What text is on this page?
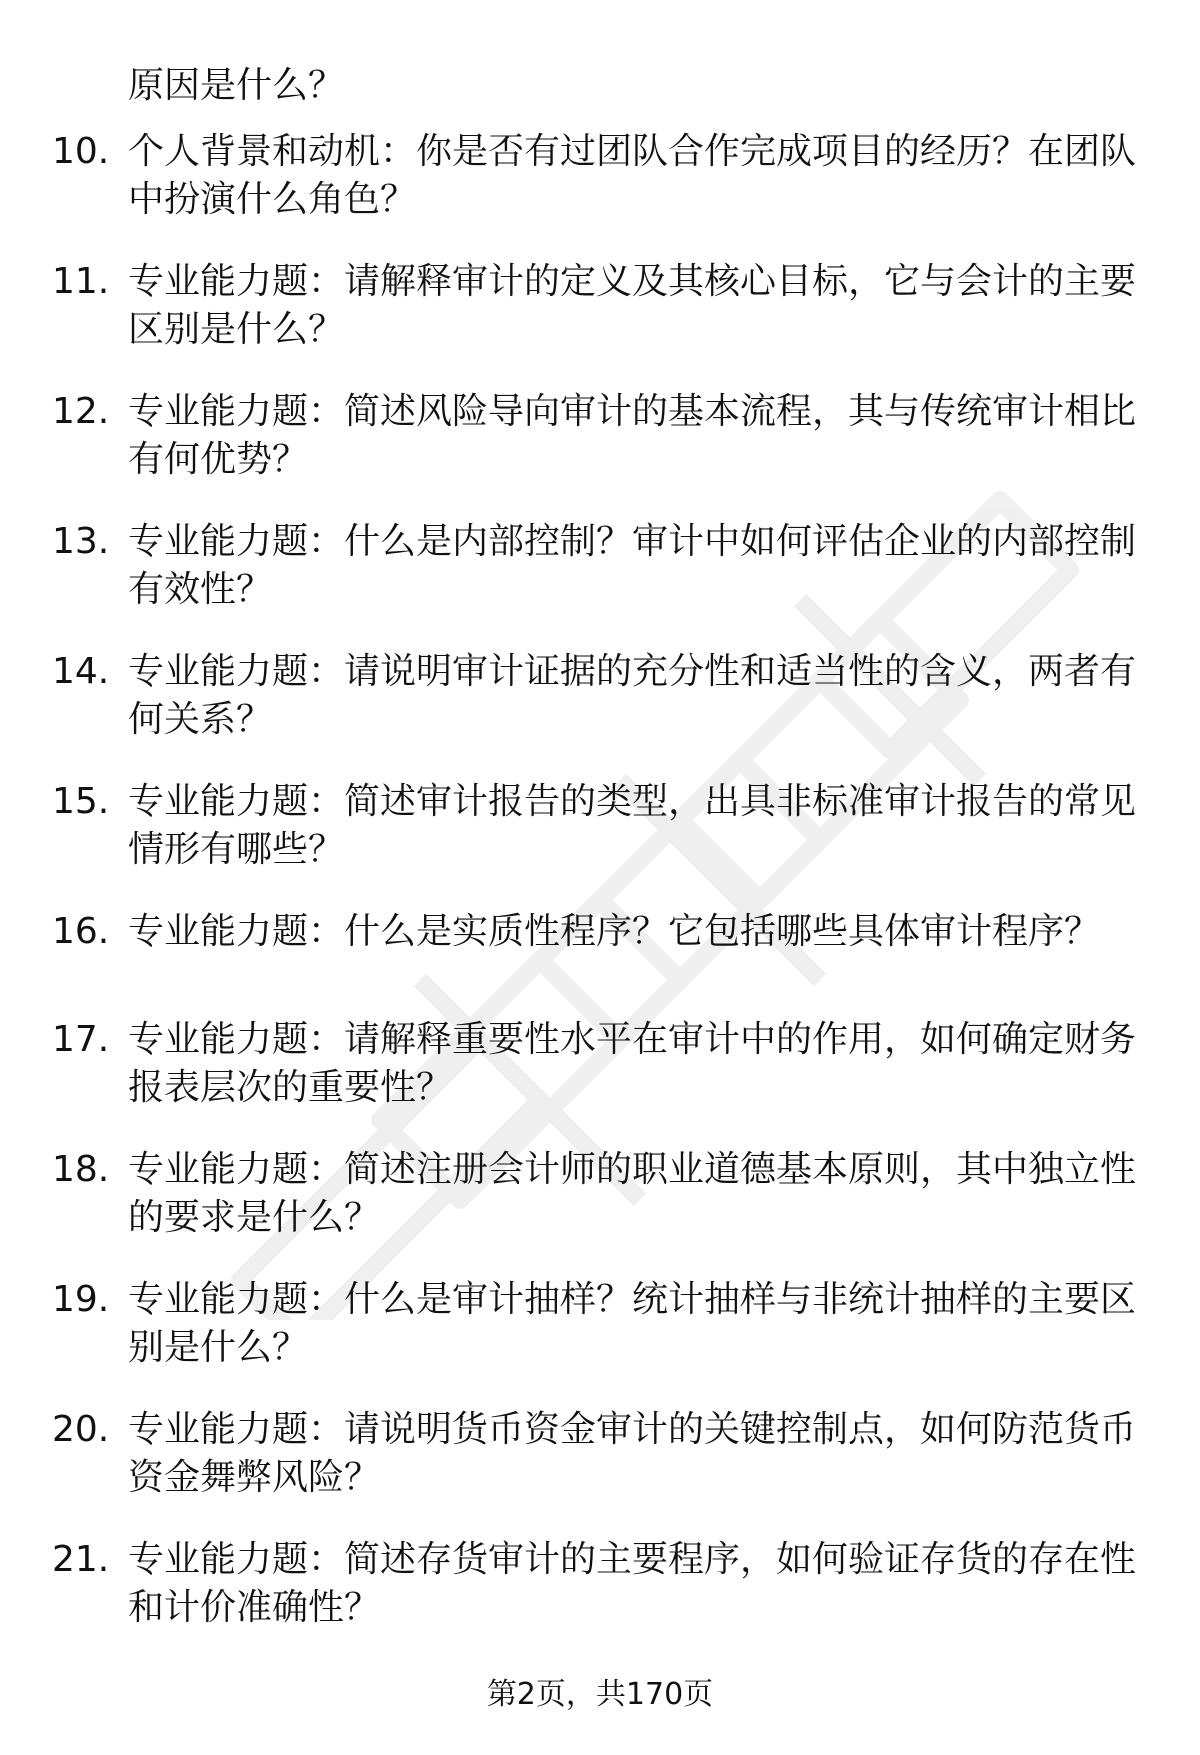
原因是什么？
10. 个人背景和动机：你是否有过团队合作完成项目的经历？在团队中扮演什么角色？
11. 专业能力题：请解释审计的定义及其核心目标，它与会计的主要区别是什么？
12. 专业能力题：简述风险导向审计的基本流程，其与传统审计相比有何优势？
13. 专业能力题：什么是内部控制？审计中如何评估企业的内部控制有效性？
14. 专业能力题：请说明审计证据的充分性和适当性的含义，两者有何关系？
15. 专业能力题：简述审计报告的类型，出具非标准审计报告的常见情形有哪些？
16. 专业能力题：什么是实质性程序？它包括哪些具体审计程序？
17. 专业能力题：请解释重要性水平在审计中的作用，如何确定财务报表层次的重要性？
18. 专业能力题：简述注册会计师的职业道德基本原则，其中独立性的要求是什么？
19. 专业能力题：什么是审计抽样？统计抽样与非统计抽样的主要区别是什么？
20. 专业能力题：请说明货币资金审计的关键控制点，如何防范货币资金舞弊风险？
21. 专业能力题：简述存货审计的主要程序，如何验证存货的存在性和计价准确性？
第2页，共170页
